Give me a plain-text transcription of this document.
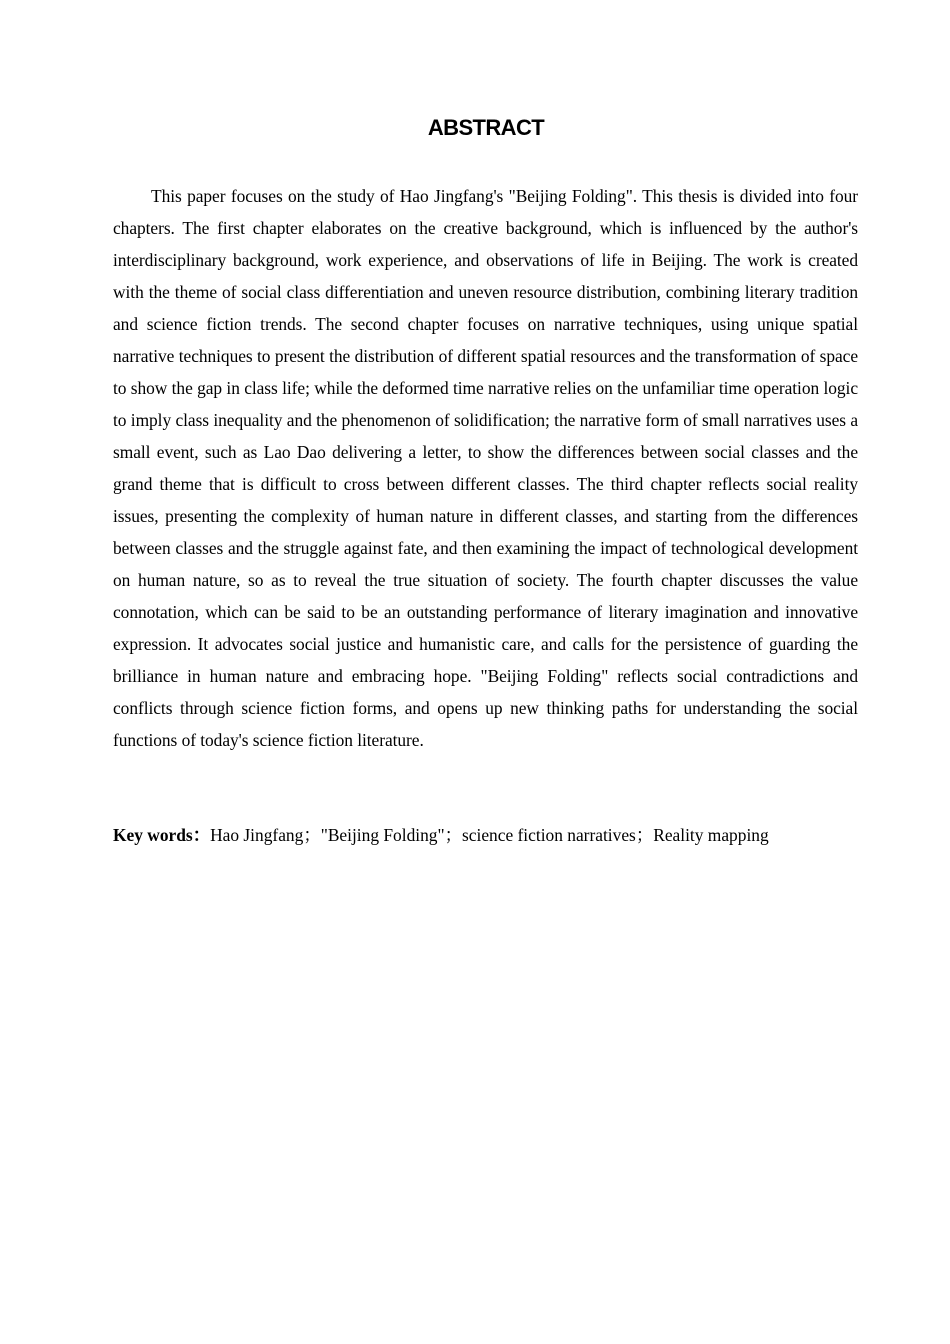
ABSTRACT

This paper focuses on the study of Hao Jingfang's "Beijing Folding". This thesis is divided into four chapters. The first chapter elaborates on the creative background, which is influenced by the author's interdisciplinary background, work experience, and observations of life in Beijing. The work is created with the theme of social class differentiation and uneven resource distribution, combining literary tradition and science fiction trends. The second chapter focuses on narrative techniques, using unique spatial narrative techniques to present the distribution of different spatial resources and the transformation of space to show the gap in class life; while the deformed time narrative relies on the unfamiliar time operation logic to imply class inequality and the phenomenon of solidification; the narrative form of small narratives uses a small event, such as Lao Dao delivering a letter, to show the differences between social classes and the grand theme that is difficult to cross between different classes. The third chapter reflects social reality issues, presenting the complexity of human nature in different classes, and starting from the differences between classes and the struggle against fate, and then examining the impact of technological development on human nature, so as to reveal the true situation of society. The fourth chapter discusses the value connotation, which can be said to be an outstanding performance of literary imagination and innovative expression. It advocates social justice and humanistic care, and calls for the persistence of guarding the brilliance in human nature and embracing hope. "Beijing Folding" reflects social contradictions and conflicts through science fiction forms, and opens up new thinking paths for understanding the social functions of today's science fiction literature.

Key words：Hao Jingfang；"Beijing Folding"；science fiction narratives；Reality mapping
